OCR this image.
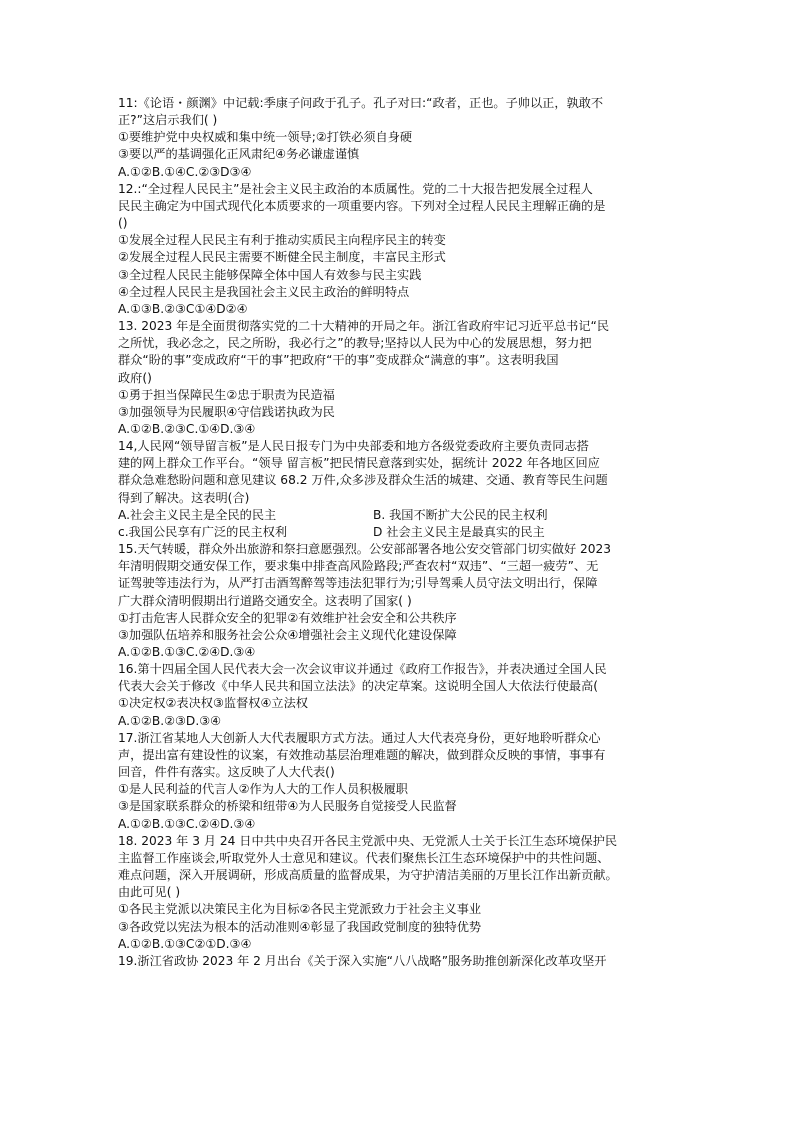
11:《论语・颜渊》中记载:季康子问政于孔子。孔子对曰:“政者，正也。子帅以正，孰敢不
正?”这启示我们( )
①要维护党中央权威和集中统一领导;②打铁必须自身硬
③要以严的基调强化正风肃纪④务必谦虚谨慎
A.①②B.①④C.②③D③④
12.:“全过程人民民主”是社会主义民主政治的本质属性。党的二十大报告把发展全过程人
民民主确定为中国式现代化本质要求的一项重要内容。下列对全过程人民民主理解正确的是
()
①发展全过程人民民主有利于推动实质民主向程序民主的转变
②发展全过程人民民主需要不断健全民主制度，丰富民主形式
③全过程人民民主能够保障全体中国人有效参与民主实践
④全过程人民民主是我国社会主义民主政治的鲜明特点
A.①③B.②③C①④D②④
13. 2023 年是全面贯彻落实党的二十大精神的开局之年。浙江省政府牢记习近平总书记“民
之所忧，我必念之，民之所盼，我必行之”的教导;坚持以人民为中心的发展思想，努力把
群众“盼的事”变成政府“干的事”把政府“干的事”变成群众“满意的事”。这表明我国
政府()
①勇于担当保障民生②忠于职责为民造福
③加强领导为民履职④守信践诺执政为民
A.①②B.②③C.①④D.③④
14,人民网“领导留言板”是人民日报专门为中央部委和地方各级党委政府主要负责同志搭
建的网上群众工作平台。“领导 留言板”把民情民意落到实处，据统计 2022 年各地区回应
群众急难愁盼问题和意见建议 68.2 万件,众多涉及群众生活的城建、交通、教育等民生问题
得到了解决。这表明(合)
A.社会主义民主是全民的民主	B. 我国不断扩大公民的民主权利
c.我国公民享有广泛的民主权利	D 社会主义民主是最真实的民主
15.天气转暖，群众外出旅游和祭扫意愿强烈。公安部部署各地公安交管部门切实做好 2023
年清明假期交通安保工作，要求集中排查高风险路段;严查农村“双违”、“三超一疲劳”、无
证驾驶等违法行为，从严打击酒驾醉驾等违法犯罪行为;引导驾乘人员守法文明出行，保障
广大群众清明假期出行道路交通安全。这表明了国家( )
①打击危害人民群众安全的犯罪②有效维护社会安全和公共秩序
③加强队伍培养和服务社会公众④增强社会主义现代化建设保障
A.①②B.①③C.②④D.③④
16.第十四届全国人民代表大会一次会议审议并通过《政府工作报告》，并表决通过全国人民
代表大会关于修改《中华人民共和国立法法》的决定草案。这说明全国人大依法行使最高(
①决定权②表决权③监督权④立法权
A.①②B.②③D.③④
17.浙江省某地人大创新人大代表履职方式方法。通过人大代表亮身份，更好地聆听群众心
声，提出富有建设性的议案，有效推动基层治理难题的解决，做到群众反映的事情，事事有
回音，件件有落实。这反映了人大代表()
①是人民利益的代言人②作为人大的工作人员积极履职
③是国家联系群众的桥梁和纽带④为人民服务自觉接受人民监督
A.①②B.①③C.②④D.③④
18. 2023 年 3 月 24 日中共中央召开各民主党派中央、无党派人士关于长江生态环境保护民
主监督工作座谈会,听取党外人士意见和建议。代表们聚焦长江生态环境保护中的共性问题、
难点问题，深入开展调研，形成高质量的监督成果，为守护清洁美丽的万里长江作出新贡献。
由此可见( )
①各民主党派以决策民主化为目标②各民主党派致力于社会主义事业
③各政党以宪法为根本的活动准则④彰显了我国政党制度的独特优势
A.①②B.①③C②①D.③④
19.浙江省政协 2023 年 2 月出台《关于深入实施“八八战略”服务助推创新深化改革攻坚开
